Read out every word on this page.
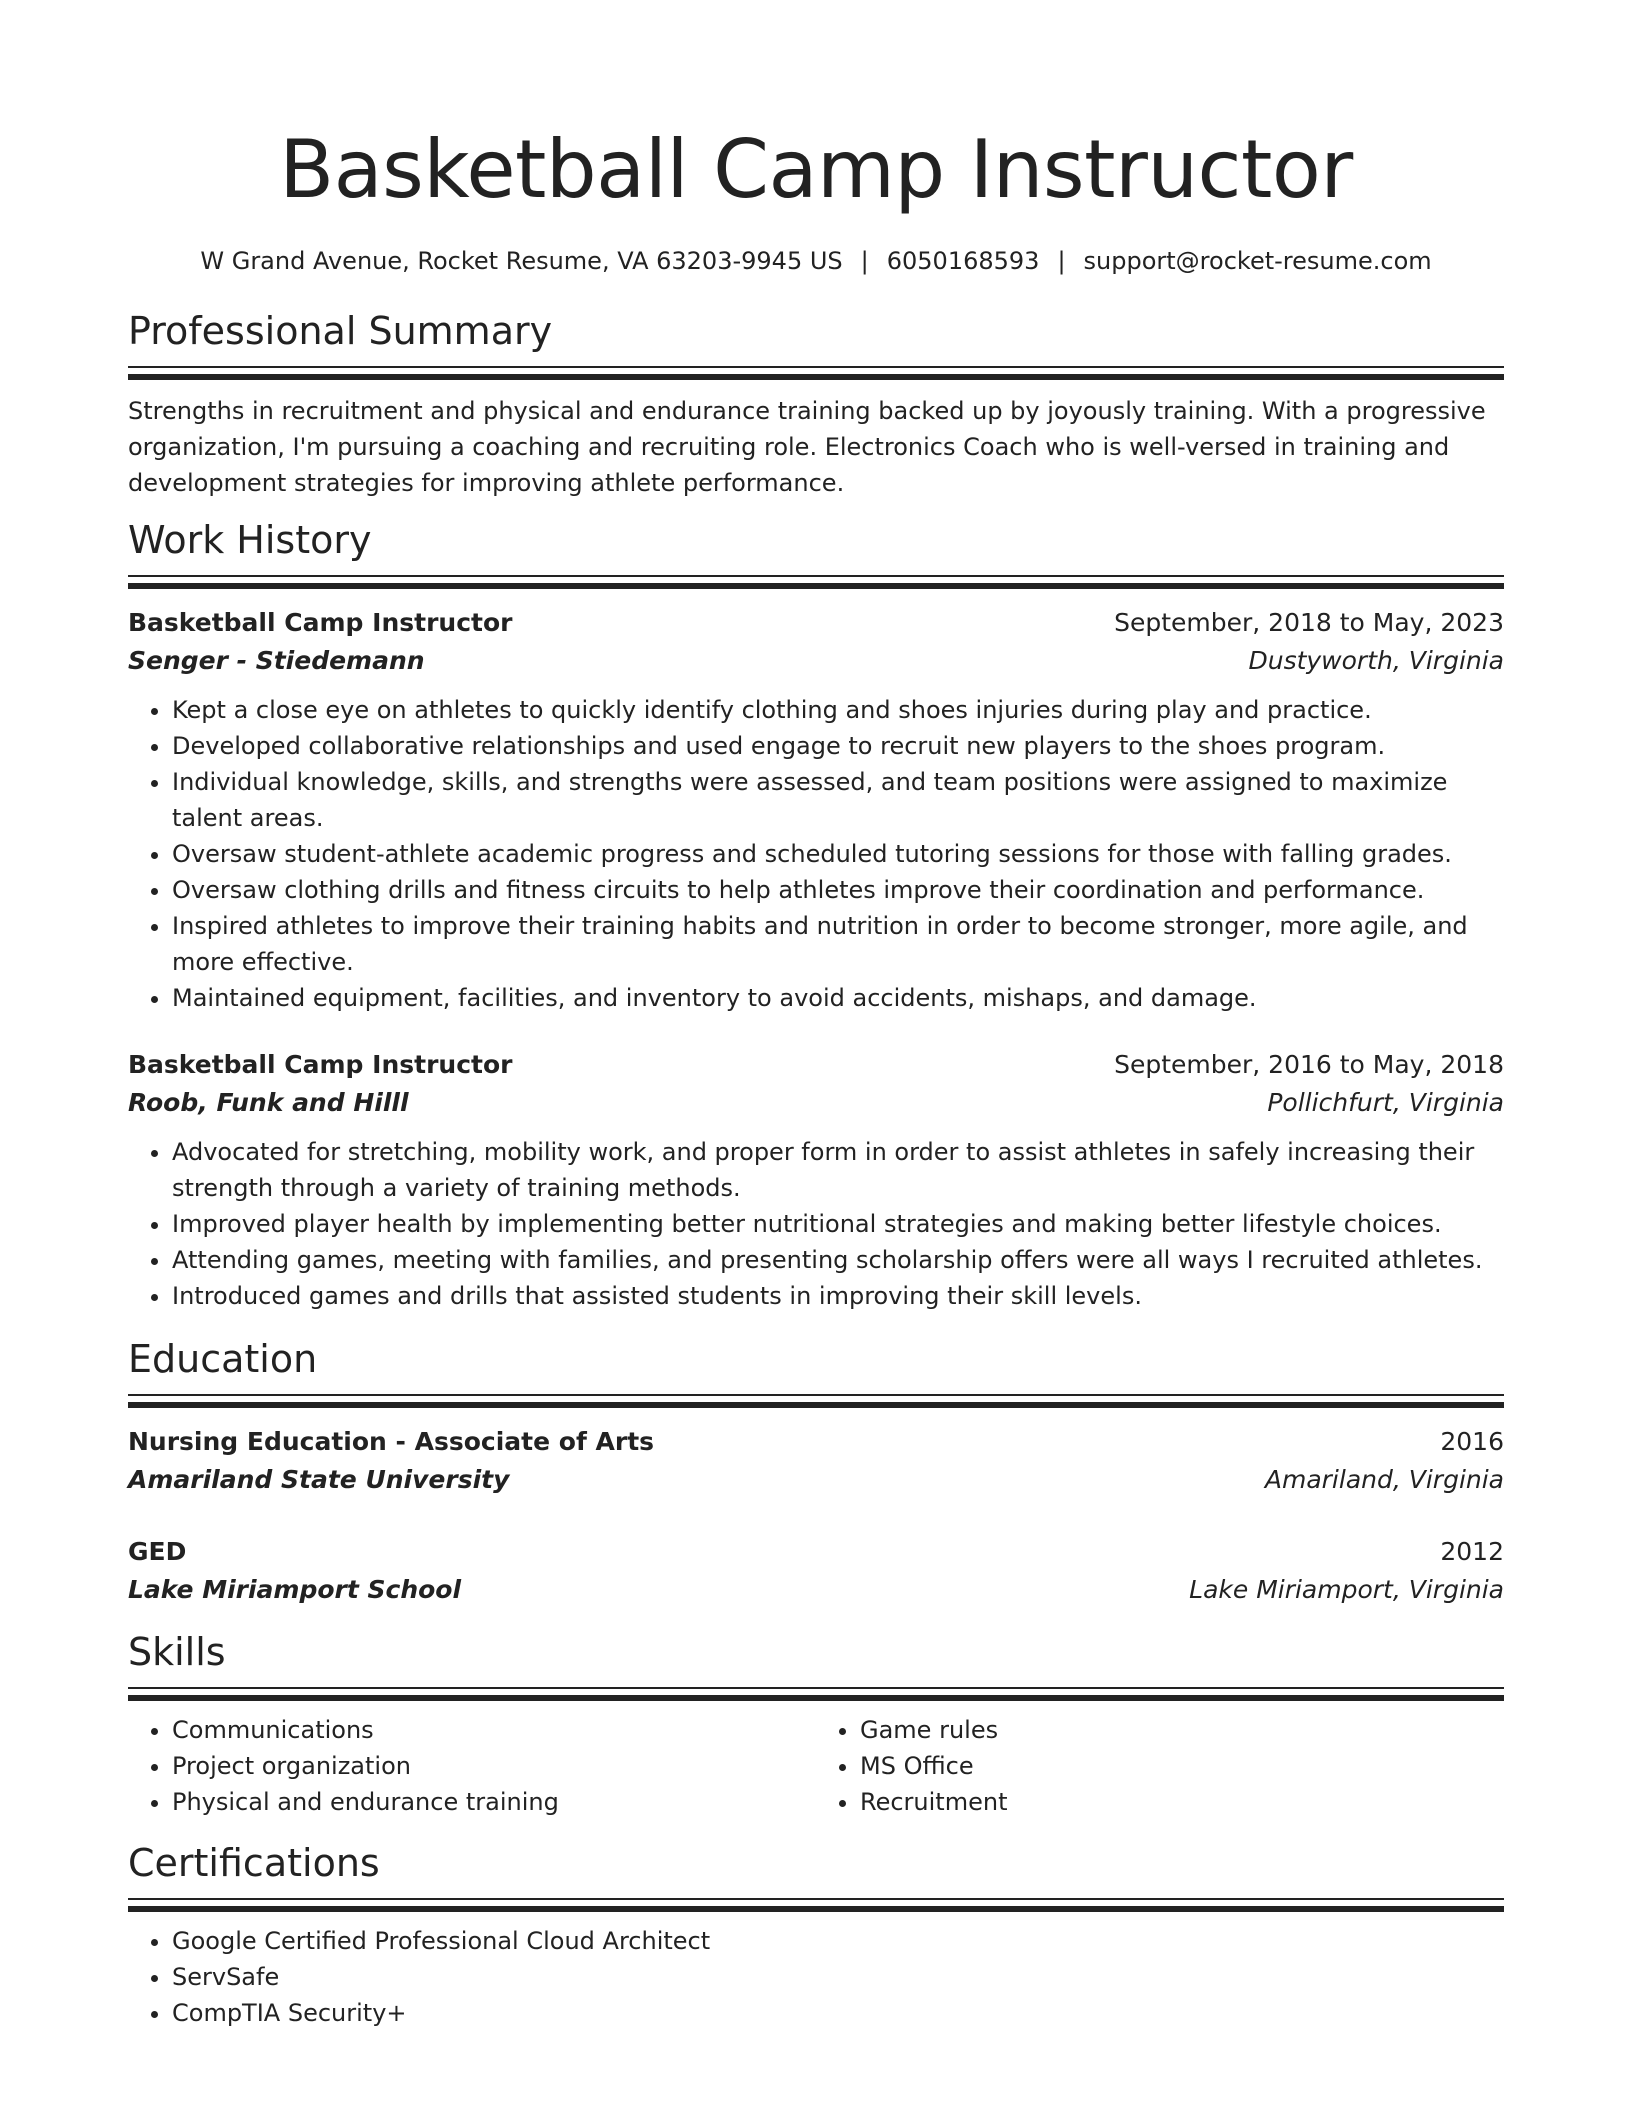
Basketball Camp Instructor
W Grand Avenue, Rocket Resume, VA 63203-9945 US | 6050168593 | support@rocket-resume.com
Professional Summary
Strengths in recruitment and physical and endurance training backed up by joyously training. With a progressive organization, I'm pursuing a coaching and recruiting role. Electronics Coach who is well-versed in training and development strategies for improving athlete performance.
Work History
Basketball Camp Instructor	September, 2018 to May, 2023
Senger - Stiedemann	Dustyworth, Virginia
• Kept a close eye on athletes to quickly identify clothing and shoes injuries during play and practice.
• Developed collaborative relationships and used engage to recruit new players to the shoes program.
• Individual knowledge, skills, and strengths were assessed, and team positions were assigned to maximize talent areas.
• Oversaw student-athlete academic progress and scheduled tutoring sessions for those with falling grades.
• Oversaw clothing drills and fitness circuits to help athletes improve their coordination and performance.
• Inspired athletes to improve their training habits and nutrition in order to become stronger, more agile, and more effective.
• Maintained equipment, facilities, and inventory to avoid accidents, mishaps, and damage.
Basketball Camp Instructor	September, 2016 to May, 2018
Roob, Funk and Hilll	Pollichfurt, Virginia
• Advocated for stretching, mobility work, and proper form in order to assist athletes in safely increasing their strength through a variety of training methods.
• Improved player health by implementing better nutritional strategies and making better lifestyle choices.
• Attending games, meeting with families, and presenting scholarship offers were all ways I recruited athletes.
• Introduced games and drills that assisted students in improving their skill levels.
Education
Nursing Education - Associate of Arts	2016
Amariland State University	Amariland, Virginia
GED	2012
Lake Miriamport School	Lake Miriamport, Virginia
Skills
• Communications
• Project organization
• Physical and endurance training
• Game rules
• MS Office
• Recruitment
Certifications
• Google Certified Professional Cloud Architect
• ServSafe
• CompTIA Security+
